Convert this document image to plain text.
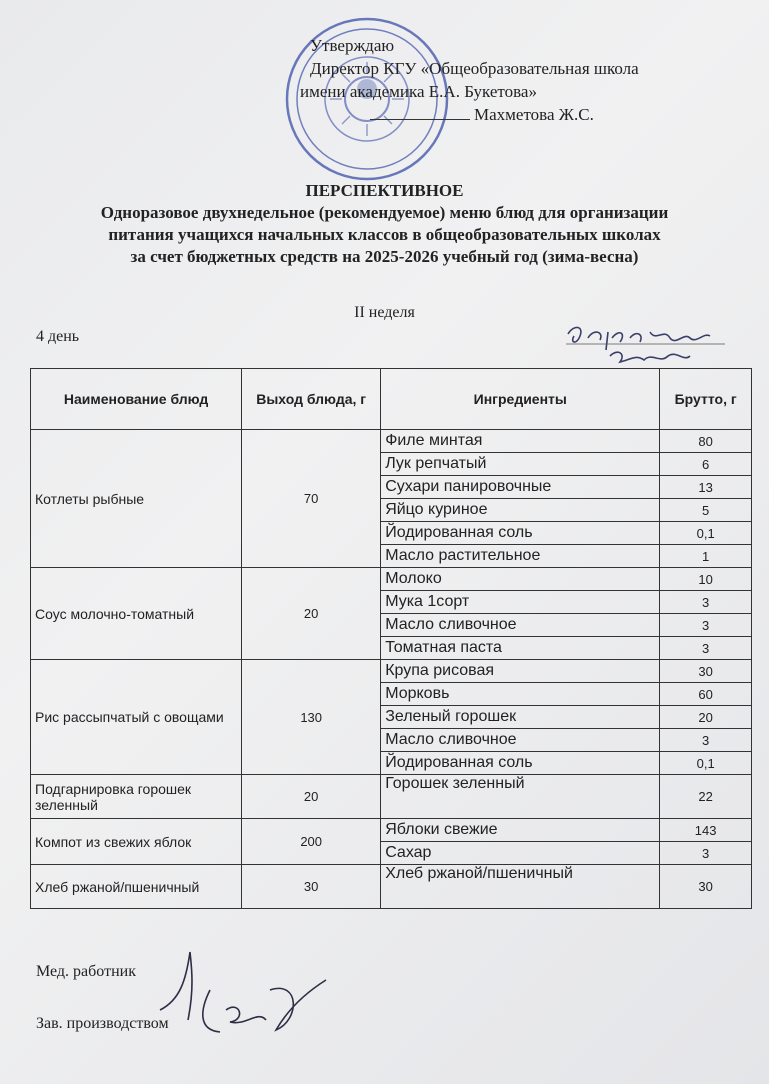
Утверждаю
Директор КГУ «Общеобразовательная школа
имени академика Е.А. Букетова»
Махметова Ж.С.
ПЕРСПЕКТИВНОЕ
Одноразовое двухнедельное (рекомендуемое) меню блюд для организации
питания учащихся начальных классов в общеобразовательных школах
за счет бюджетных средств на 2025-2026 учебный год (зима-весна)
II неделя
4 день
Наименование блюд	Выход блюда, г	Ингредиенты	Брутто, г
Котлеты рыбные	70	Филе минтая	80
		Лук репчатый	6
		Сухари панировочные	13
		Яйцо куриное	5
		Йодированная соль	0,1
		Масло растительное	1
Соус молочно-томатный	20	Молоко	10
		Мука 1сорт	3
		Масло сливочное	3
		Томатная паста	3
Рис рассыпчатый с овощами	130	Крупа рисовая	30
		Морковь	60
		Зеленый горошек	20
		Масло сливочное	3
		Йодированная соль	0,1
Подгарнировка горошек зеленный	20	Горошек зеленный	22
Компот из свежих яблок	200	Яблоки свежие	143
		Сахар	3
Хлеб ржаной/пшеничный	30	Хлеб ржаной/пшеничный	30
Мед. работник
Зав. производством
